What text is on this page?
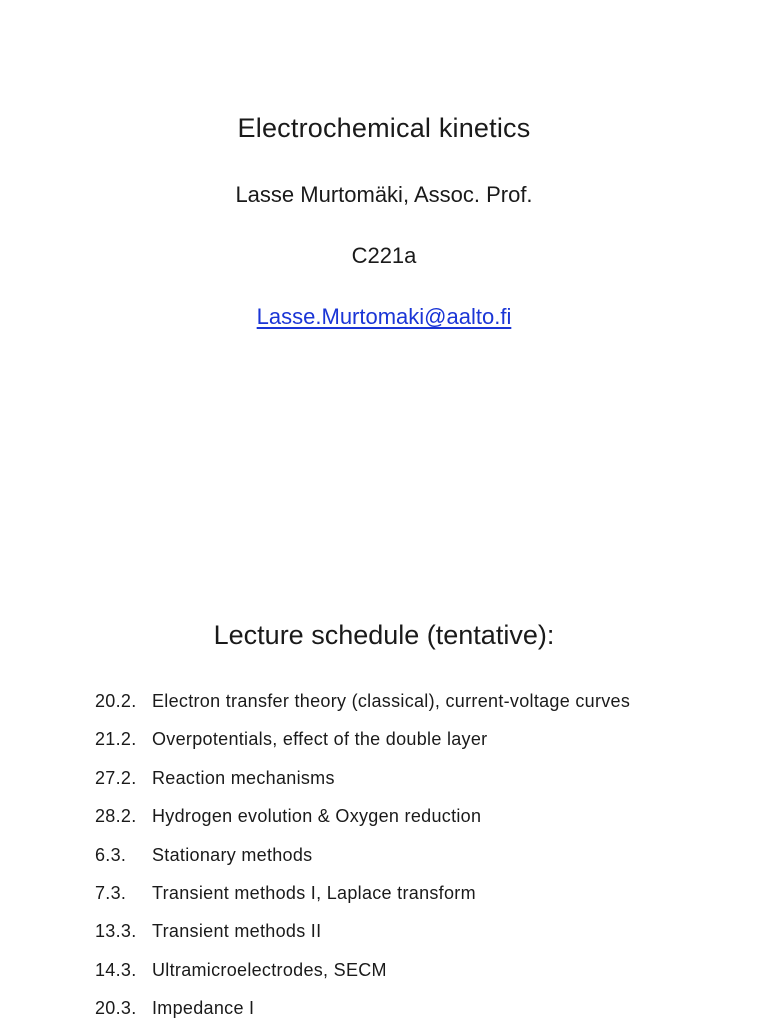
Electrochemical kinetics
Lasse Murtomäki, Assoc. Prof.
C221a
Lasse.Murtomaki@aalto.fi
Lecture schedule (tentative):
20.2. Electron transfer theory (classical), current-voltage curves
21.2. Overpotentials, effect of the double layer
27.2. Reaction mechanisms
28.2. Hydrogen evolution & Oxygen reduction
6.3. Stationary methods
7.3. Transient methods I, Laplace transform
13.3. Transient methods II
14.3. Ultramicroelectrodes, SECM
20.3. Impedance I
